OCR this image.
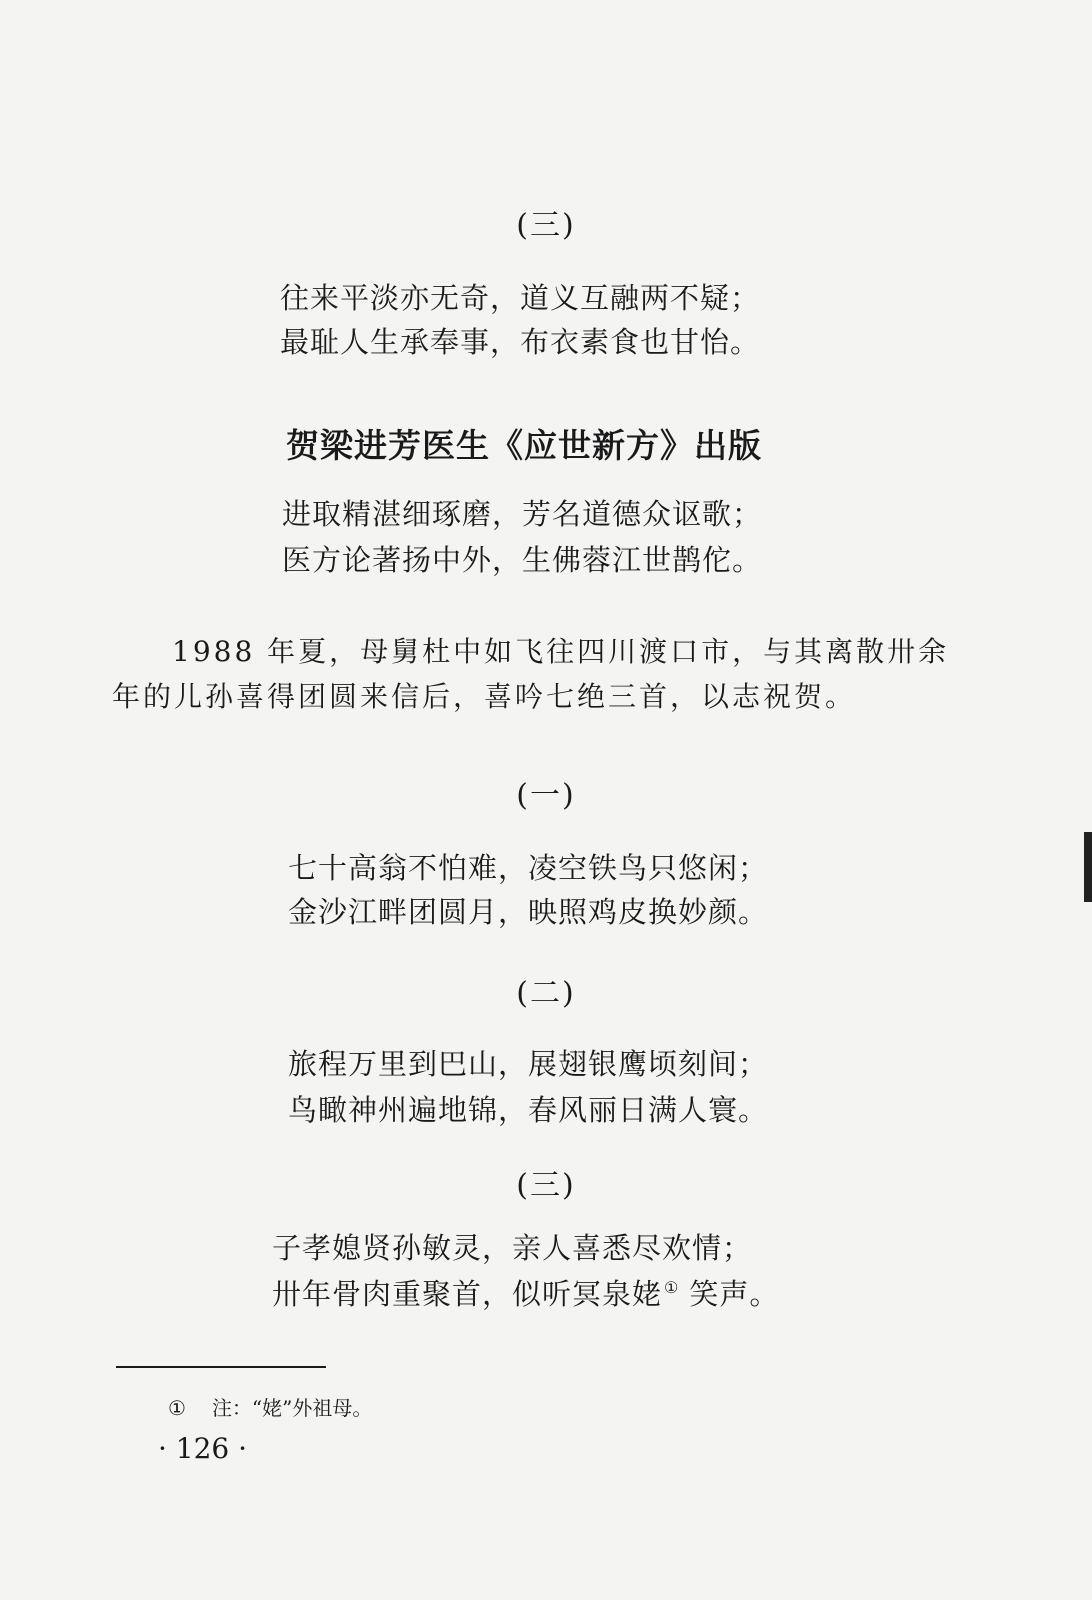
(三)
往来平淡亦无奇，道义互融两不疑；
最耻人生承奉事，布衣素食也甘怡。
贺梁进芳医生《应世新方》出版
进取精湛细琢磨，芳名道德众讴歌；
医方论著扬中外，生佛蓉江世鹊佗。
1988 年夏，母舅杜中如飞往四川渡口市，与其离散卅余
年的儿孙喜得团圆来信后，喜吟七绝三首，以志祝贺。
(一)
七十高翁不怕难，凌空铁鸟只悠闲；
金沙江畔团圆月，映照鸡皮换妙颜。
(二)
旅程万里到巴山，展翅银鹰顷刻间；
鸟瞰神州遍地锦，春风丽日满人寰。
(三)
子孝媳贤孙敏灵，亲人喜悉尽欢情；
卅年骨肉重聚首，似听冥泉姥 ① 笑声。
① 注：“姥”外祖母。
· 126 ·
